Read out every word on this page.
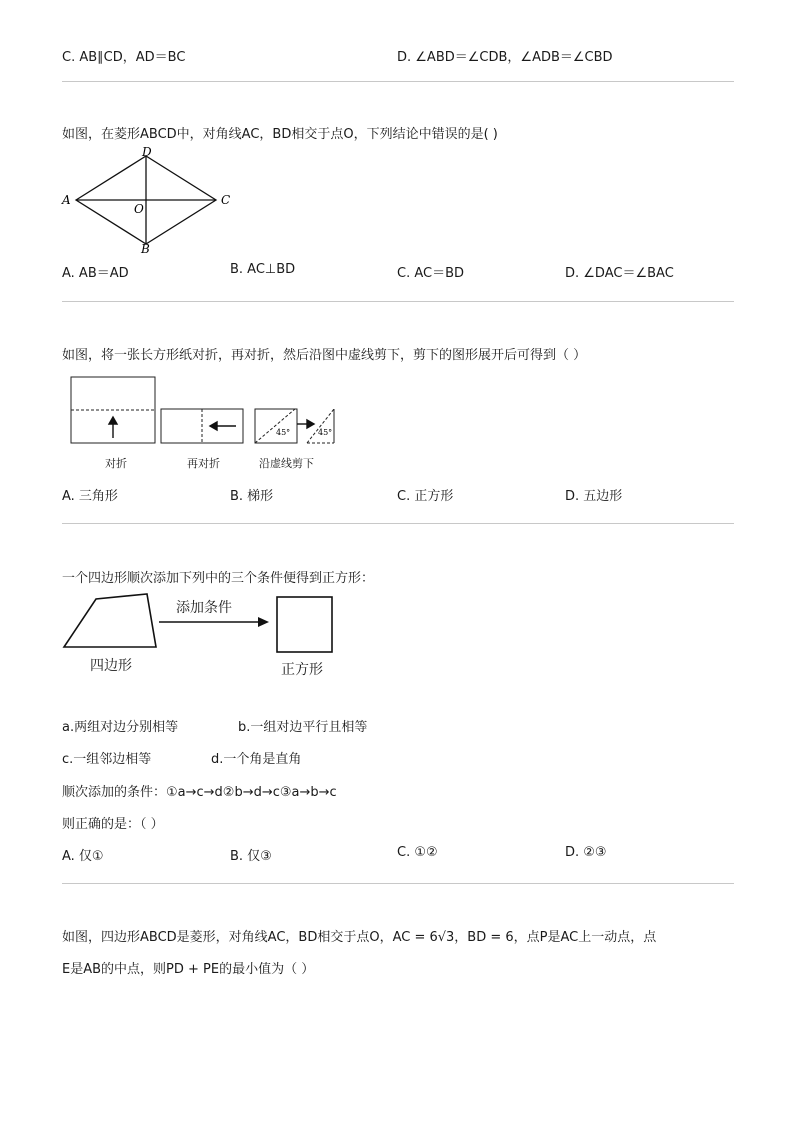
C. AB∥CD，AD＝BC	D. ∠ABD＝∠CDB，∠ADB＝∠CBD
如图，在菱形ABCD中，对角线AC，BD相交于点O，下列结论中错误的是( )
A
D
C
B
O
A. AB＝AD	B. AC⊥BD	C. AC＝BD	D. ∠DAC＝∠BAC
如图，将一张长方形纸对折，再对折，然后沿图中虚线剪下，剪下的图形展开后可得到（ ）
45°	45°
对折	再对折	沿虚线剪下
A. 三角形	B. 梯形	C. 正方形	D. 五边形
一个四边形顺次添加下列中的三个条件便得到正方形：
添加条件
四边形	正方形
a.两组对边分别相等	b.一组对边平行且相等
c.一组邻边相等	d.一个角是直角
顺次添加的条件：①a→c→d②b→d→c③a→b→c
则正确的是：（ ）
A. 仅①	B. 仅③	C. ①②	D. ②③
如图，四边形ABCD是菱形，对角线AC，BD相交于点O，AC = 6√3，BD = 6，点P是AC上一动点，点
E是AB的中点，则PD + PE的最小值为（ ）
